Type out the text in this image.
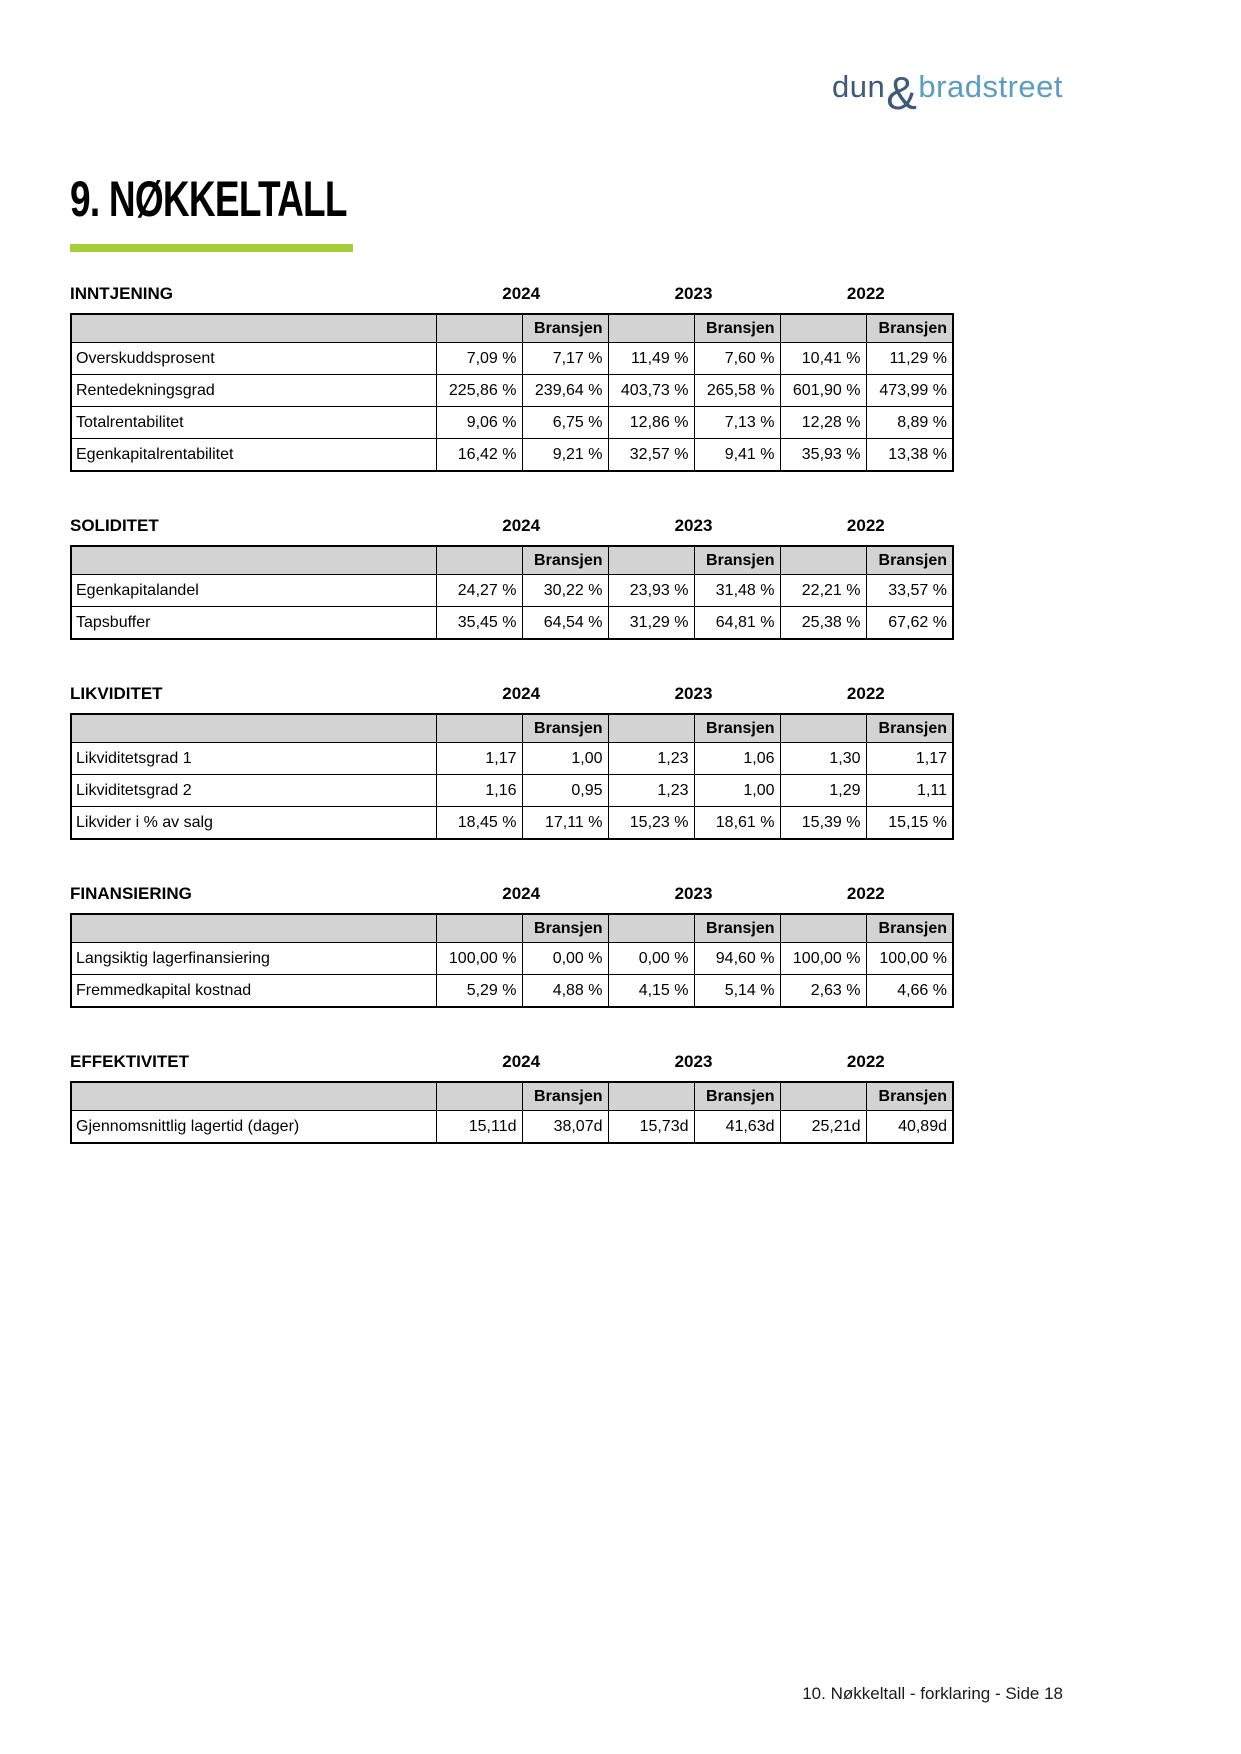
dun & bradstreet
9. NØKKELTALL
INNTJENING	2024	2023	2022
		Bransjen		Bransjen		Bransjen
Overskuddsprosent	7,09 %	7,17 %	11,49 %	7,60 %	10,41 %	11,29 %
Rentedekningsgrad	225,86 %	239,64 %	403,73 %	265,58 %	601,90 %	473,99 %
Totalrentabilitet	9,06 %	6,75 %	12,86 %	7,13 %	12,28 %	8,89 %
Egenkapitalrentabilitet	16,42 %	9,21 %	32,57 %	9,41 %	35,93 %	13,38 %
SOLIDITET	2024	2023	2022
		Bransjen		Bransjen		Bransjen
Egenkapitalandel	24,27 %	30,22 %	23,93 %	31,48 %	22,21 %	33,57 %
Tapsbuffer	35,45 %	64,54 %	31,29 %	64,81 %	25,38 %	67,62 %
LIKVIDITET	2024	2023	2022
		Bransjen		Bransjen		Bransjen
Likviditetsgrad 1	1,17	1,00	1,23	1,06	1,30	1,17
Likviditetsgrad 2	1,16	0,95	1,23	1,00	1,29	1,11
Likvider i % av salg	18,45 %	17,11 %	15,23 %	18,61 %	15,39 %	15,15 %
FINANSIERING	2024	2023	2022
		Bransjen		Bransjen		Bransjen
Langsiktig lagerfinansiering	100,00 %	0,00 %	0,00 %	94,60 %	100,00 %	100,00 %
Fremmedkapital kostnad	5,29 %	4,88 %	4,15 %	5,14 %	2,63 %	4,66 %
EFFEKTIVITET	2024	2023	2022
		Bransjen		Bransjen		Bransjen
Gjennomsnittlig lagertid (dager)	15,11d	38,07d	15,73d	41,63d	25,21d	40,89d
10. Nøkkeltall - forklaring - Side 18
